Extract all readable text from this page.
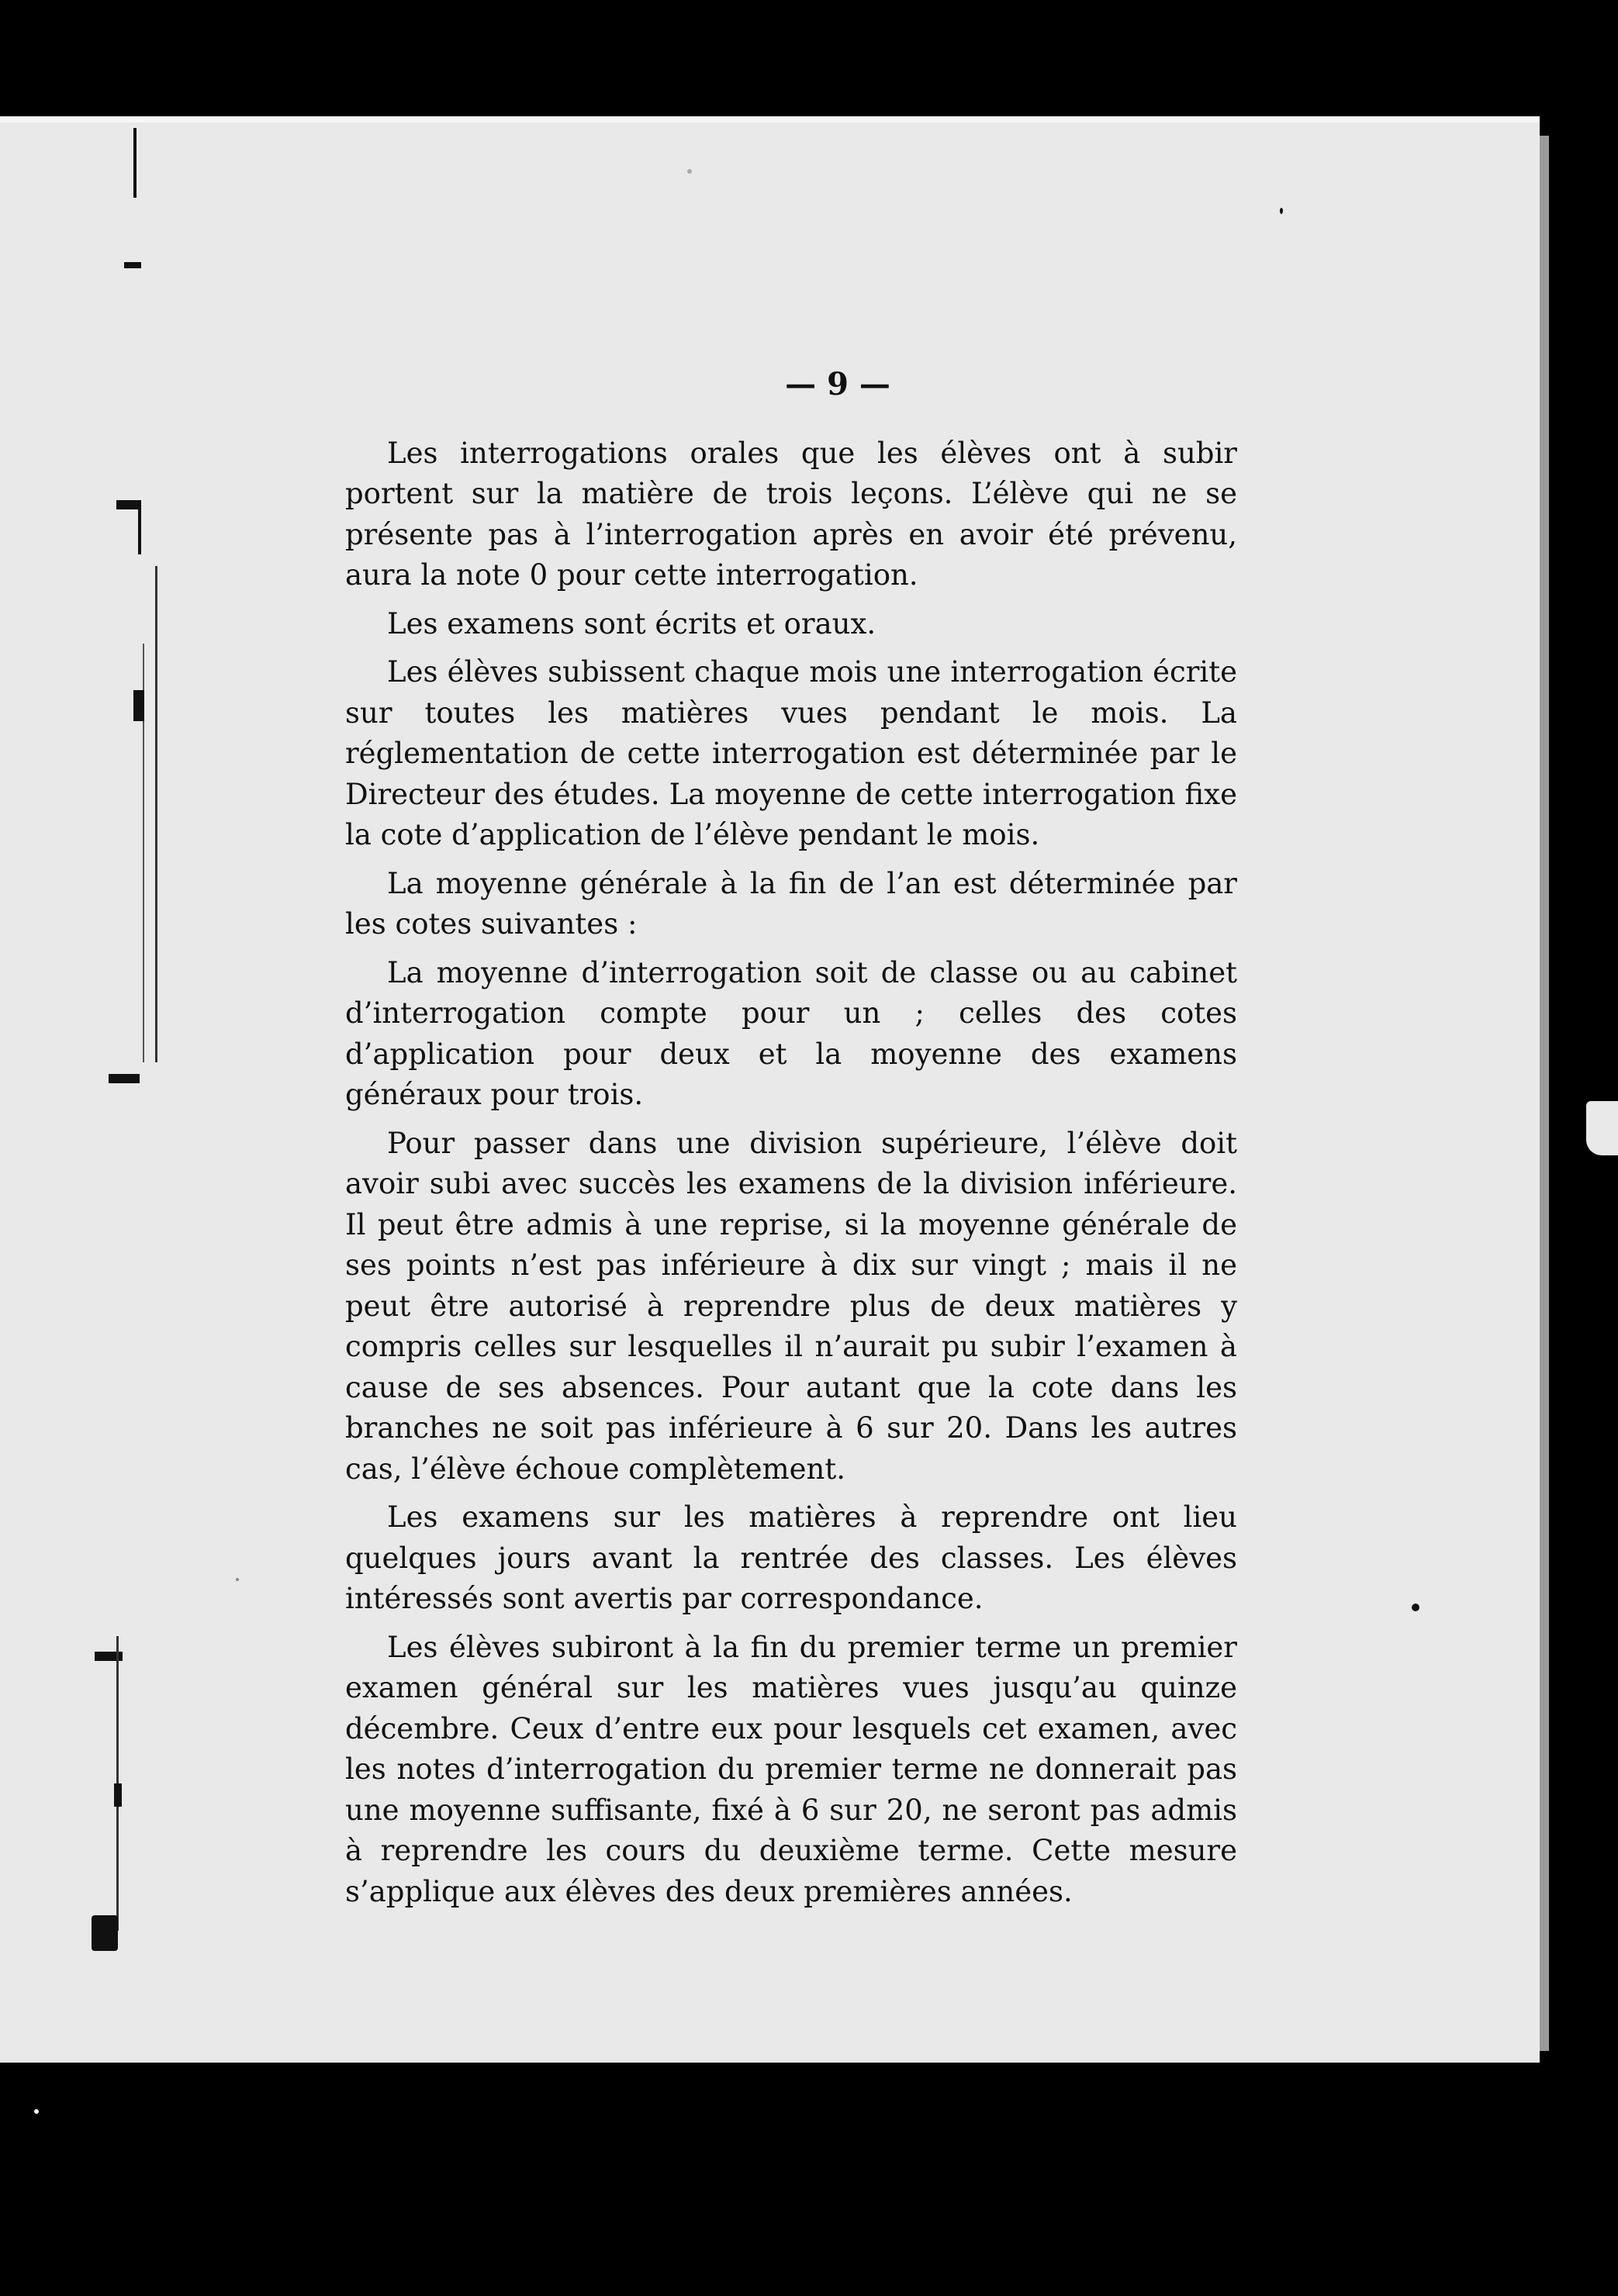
— 9 —

Les interrogations orales que les élèves ont à subir portent sur la matière de trois leçons. L’élève qui ne se présente pas à l’interrogation après en avoir été prévenu, aura la note 0 pour cette interrogation.

Les examens sont écrits et oraux.

Les élèves subissent chaque mois une interrogation écrite sur toutes les matières vues pendant le mois. La réglementation de cette interrogation est déterminée par le Directeur des études. La moyenne de cette interrogation fixe la cote d’application de l’élève pendant le mois.

La moyenne générale à la fin de l’an est déterminée par les cotes suivantes :

La moyenne d’interrogation soit de classe ou au cabinet d’interrogation compte pour un ; celles des cotes d’application pour deux et la moyenne des examens généraux pour trois.

Pour passer dans une division supérieure, l’élève doit avoir subi avec succès les examens de la division inférieure. Il peut être admis à une reprise, si la moyenne générale de ses points n’est pas inférieure à dix sur vingt ; mais il ne peut être autorisé à reprendre plus de deux matières y compris celles sur lesquelles il n’aurait pu subir l’examen à cause de ses absences. Pour autant que la cote dans les branches ne soit pas inférieure à 6 sur 20. Dans les autres cas, l’élève échoue complètement.

Les examens sur les matières à reprendre ont lieu quelques jours avant la rentrée des classes. Les élèves intéressés sont avertis par correspondance.

Les élèves subiront à la fin du premier terme un premier examen général sur les matières vues jusqu’au quinze décembre. Ceux d’entre eux pour lesquels cet examen, avec les notes d’interrogation du premier terme ne donnerait pas une moyenne suffisante, fixé à 6 sur 20, ne seront pas admis à reprendre les cours du deuxième terme. Cette mesure s’applique aux élèves des deux premières années.
